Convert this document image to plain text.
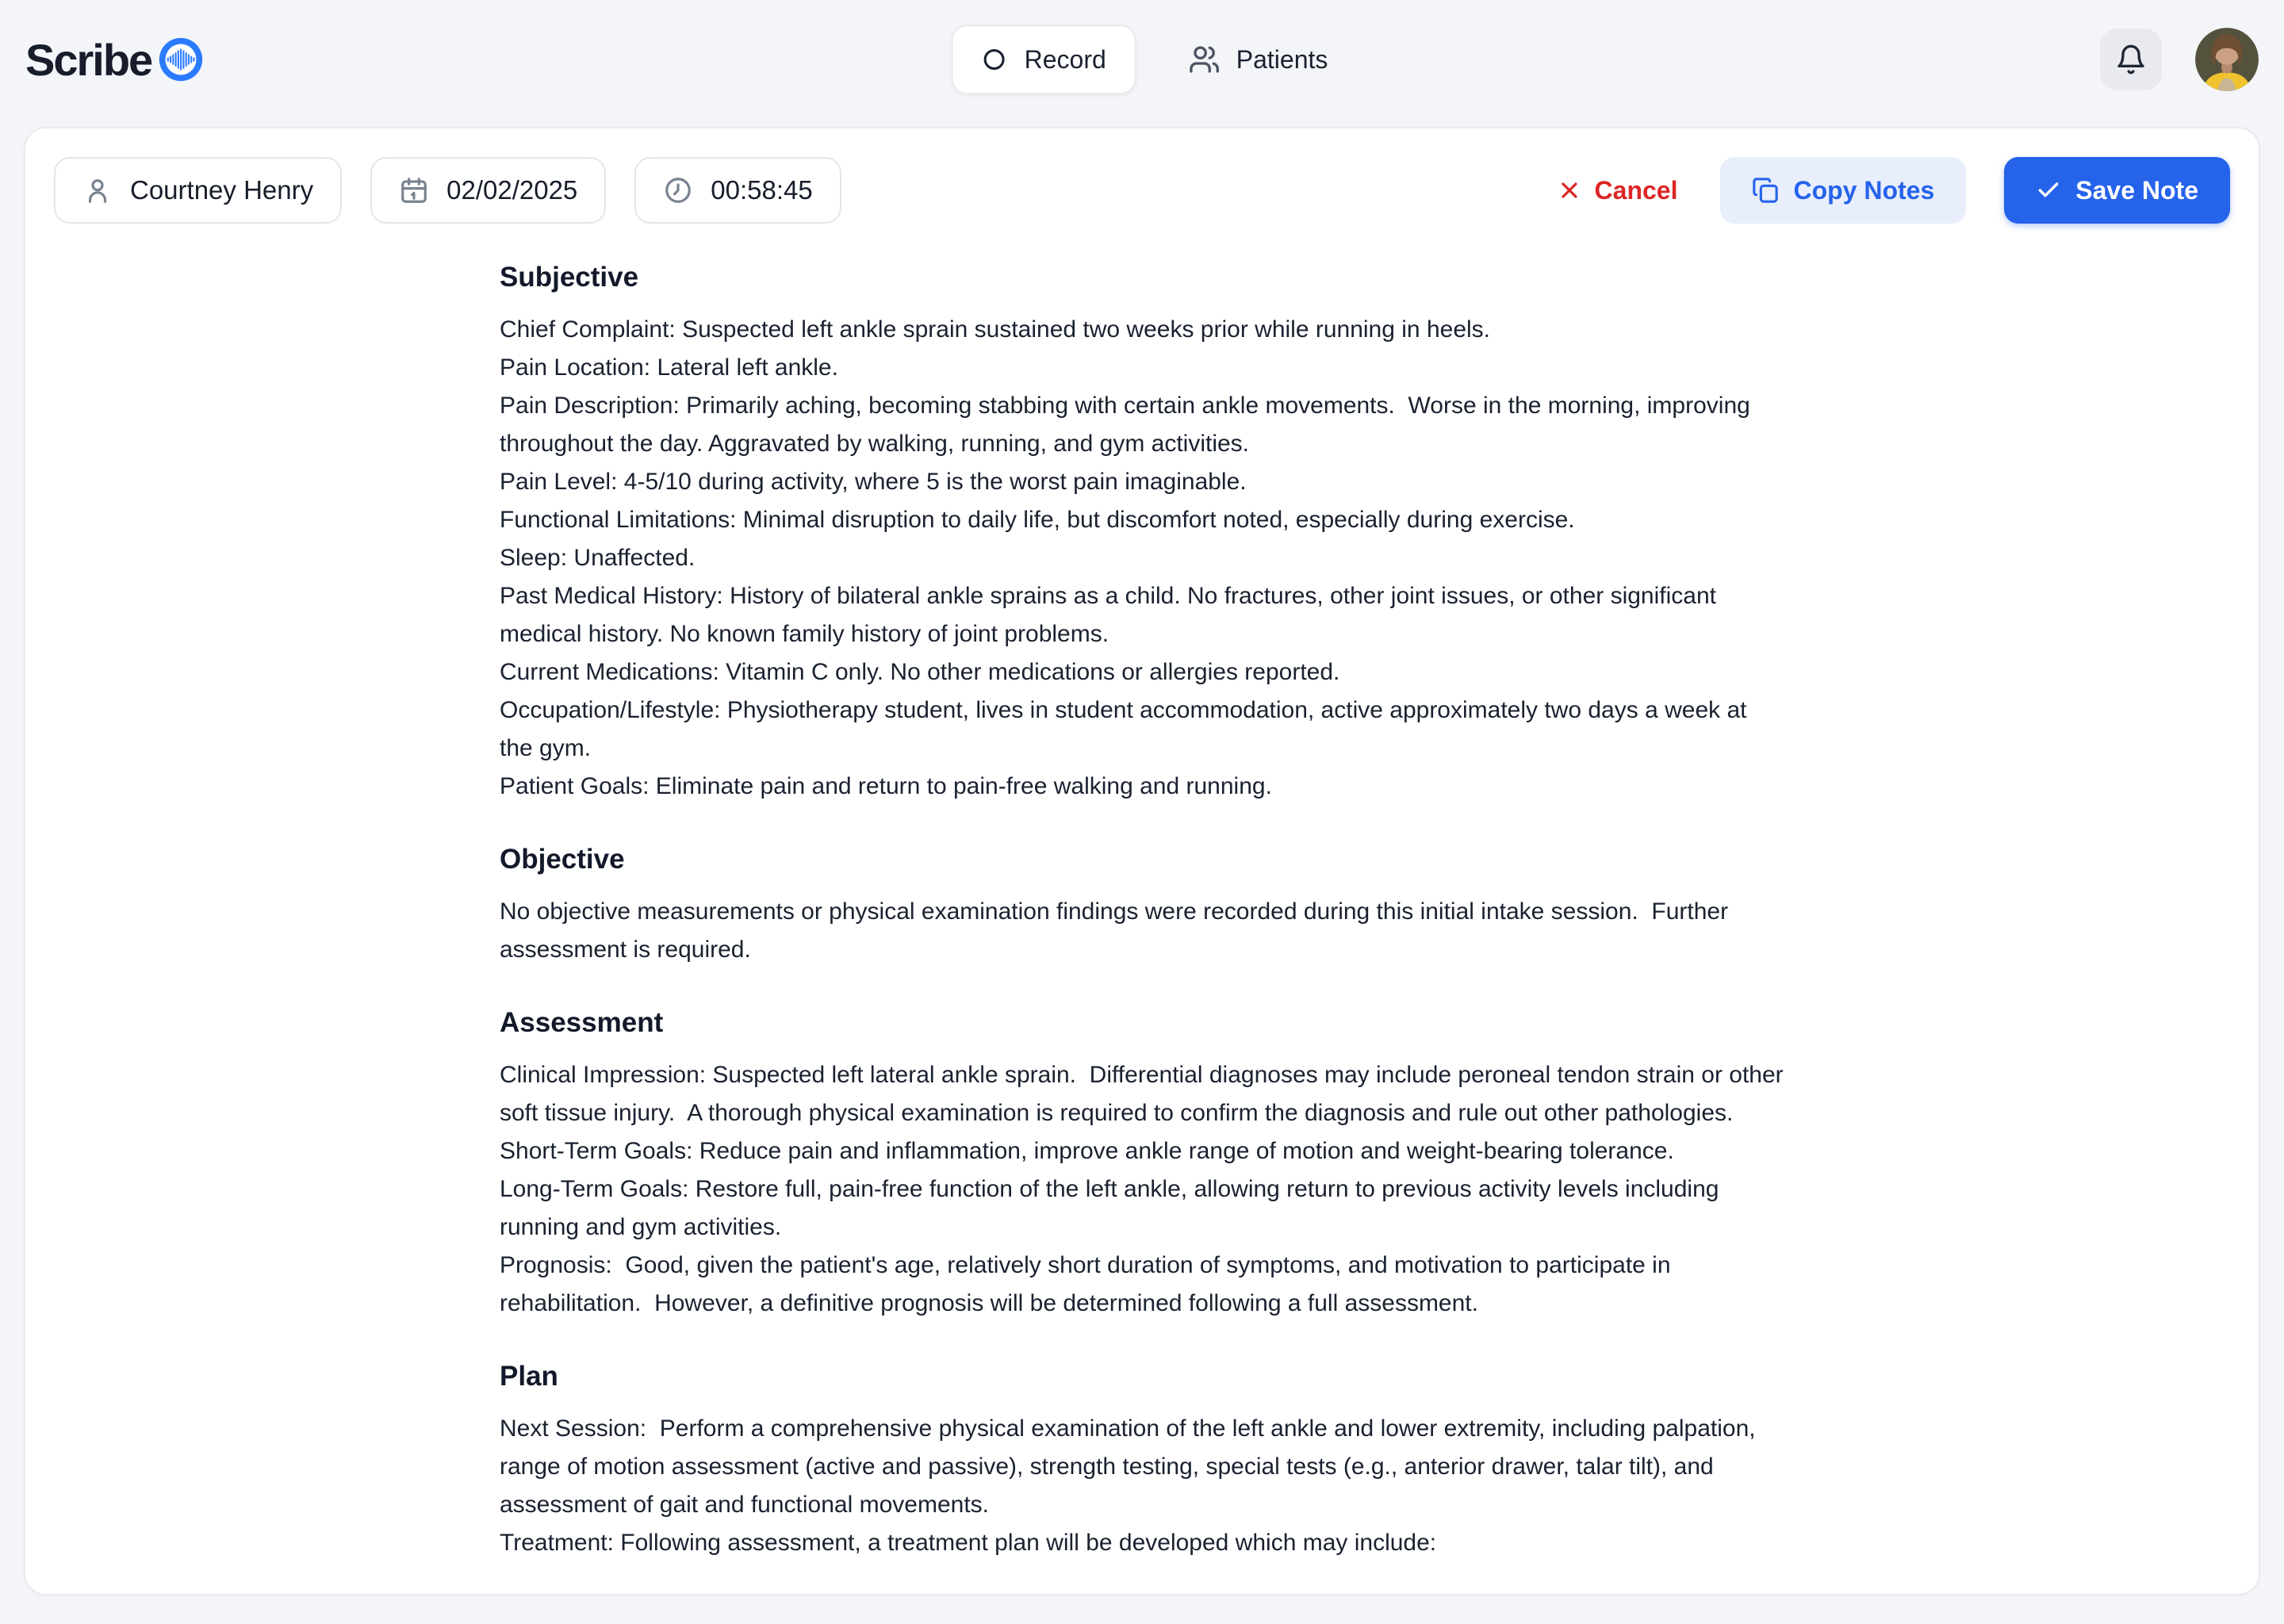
Scribe	Record	Patients
Courtney Henry	02/02/2025	00:58:45	Cancel	Copy Notes	Save Note
Subjective

Chief Complaint: Suspected left ankle sprain sustained two weeks prior while running in heels.

Pain Location: Lateral left ankle.

Pain Description: Primarily aching, becoming stabbing with certain ankle movements.  Worse in the morning, improving throughout the day. Aggravated by walking, running, and gym activities.

Pain Level: 4-5/10 during activity, where 5 is the worst pain imaginable.

Functional Limitations: Minimal disruption to daily life, but discomfort noted, especially during exercise.

Sleep: Unaffected.

Past Medical History: History of bilateral ankle sprains as a child. No fractures, other joint issues, or other significant medical history. No known family history of joint problems.

Current Medications: Vitamin C only. No other medications or allergies reported.

Occupation/Lifestyle: Physiotherapy student, lives in student accommodation, active approximately two days a week at the gym.

Patient Goals: Eliminate pain and return to pain-free walking and running.

Objective

No objective measurements or physical examination findings were recorded during this initial intake session.  Further assessment is required.

Assessment

Clinical Impression: Suspected left lateral ankle sprain.  Differential diagnoses may include peroneal tendon strain or other soft tissue injury.  A thorough physical examination is required to confirm the diagnosis and rule out other pathologies.

Short-Term Goals: Reduce pain and inflammation, improve ankle range of motion and weight-bearing tolerance.

Long-Term Goals: Restore full, pain-free function of the left ankle, allowing return to previous activity levels including running and gym activities.

Prognosis:  Good, given the patient's age, relatively short duration of symptoms, and motivation to participate in rehabilitation.  However, a definitive prognosis will be determined following a full assessment.

Plan

Next Session:  Perform a comprehensive physical examination of the left ankle and lower extremity, including palpation, range of motion assessment (active and passive), strength testing, special tests (e.g., anterior drawer, talar tilt), and assessment of gait and functional movements.

Treatment: Following assessment, a treatment plan will be developed which may include:
